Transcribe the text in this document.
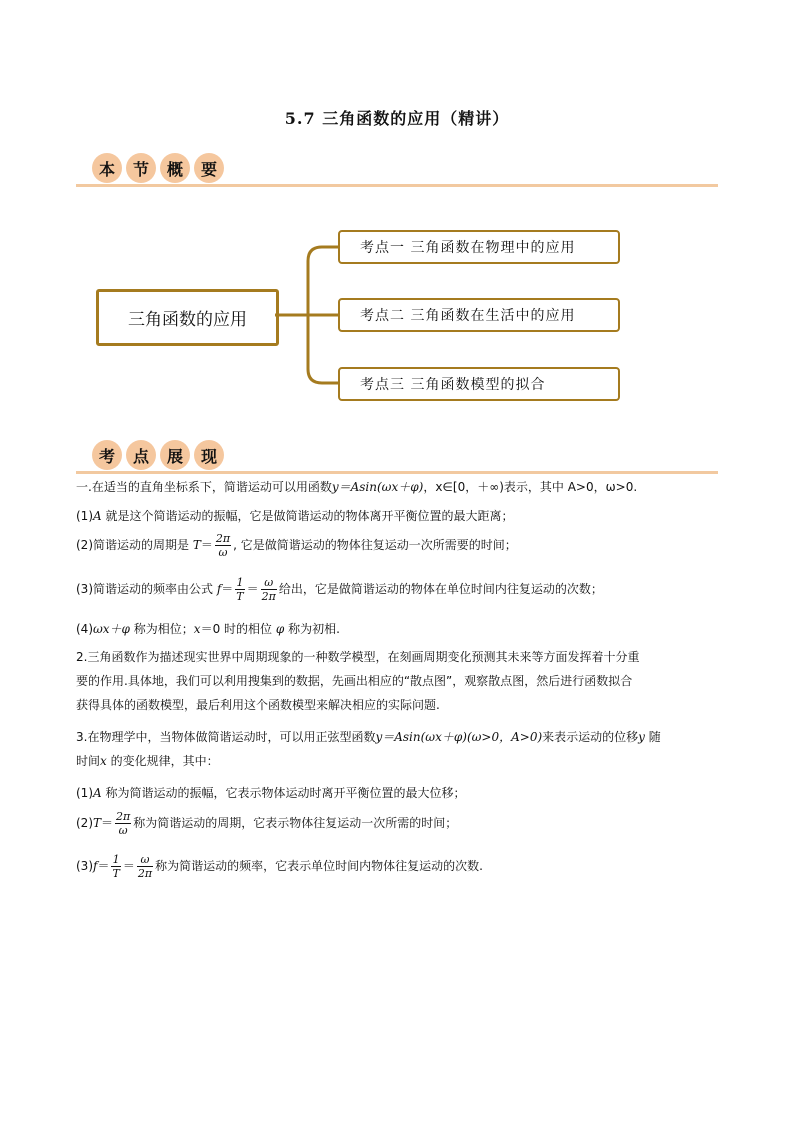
5.7 三角函数的应用（精讲）
本	节	概	要
三角函数的应用
考点一 三角函数在物理中的应用
考点二 三角函数在生活中的应用
考点三 三角函数模型的拟合
考	点	展	现
一.在适当的直角坐标系下，简谐运动可以用函数y＝Asin(ωx＋φ)，x∈[0，＋∞)表示，其中 A>0，ω>0.
(1)A 就是这个简谐运动的振幅，它是做简谐运动的物体离开平衡位置的最大距离；
(2)简谐运动的周期是 $T= \frac{2\pi}{\omega}$ , 它是做简谐运动的物体往复运动一次所需要的时间；
(3)简谐运动的频率由公式 $f= \frac{1}{T} = \frac{\omega}{2\pi}$ 给出，它是做简谐运动的物体在单位时间内往复运动的次数；
(4)ωx＋φ 称为相位；x＝0 时的相位 φ 称为初相.
2.三角函数作为描述现实世界中周期现象的一种数学模型，在刻画周期变化预测其未来等方面发挥着十分重
要的作用.具体地，我们可以利用搜集到的数据，先画出相应的“散点图”，观察散点图，然后进行函数拟合
获得具体的函数模型，最后利用这个函数模型来解决相应的实际问题.
3.在物理学中，当物体做简谐运动时，可以用正弦型函数y＝Asin(ωx＋φ)(ω>0，A>0)来表示运动的位移y 随
时间x 的变化规律，其中：
(1)A 称为简谐运动的振幅，它表示物体运动时离开平衡位置的最大位移；
$(2)T= \frac{2\pi}{\omega}$ 称为简谐运动的周期，它表示物体往复运动一次所需的时间；
$(3)f= \frac{1}{T} = \frac{\omega}{2\pi}$ 称为简谐运动的频率，它表示单位时间内物体往复运动的次数.
